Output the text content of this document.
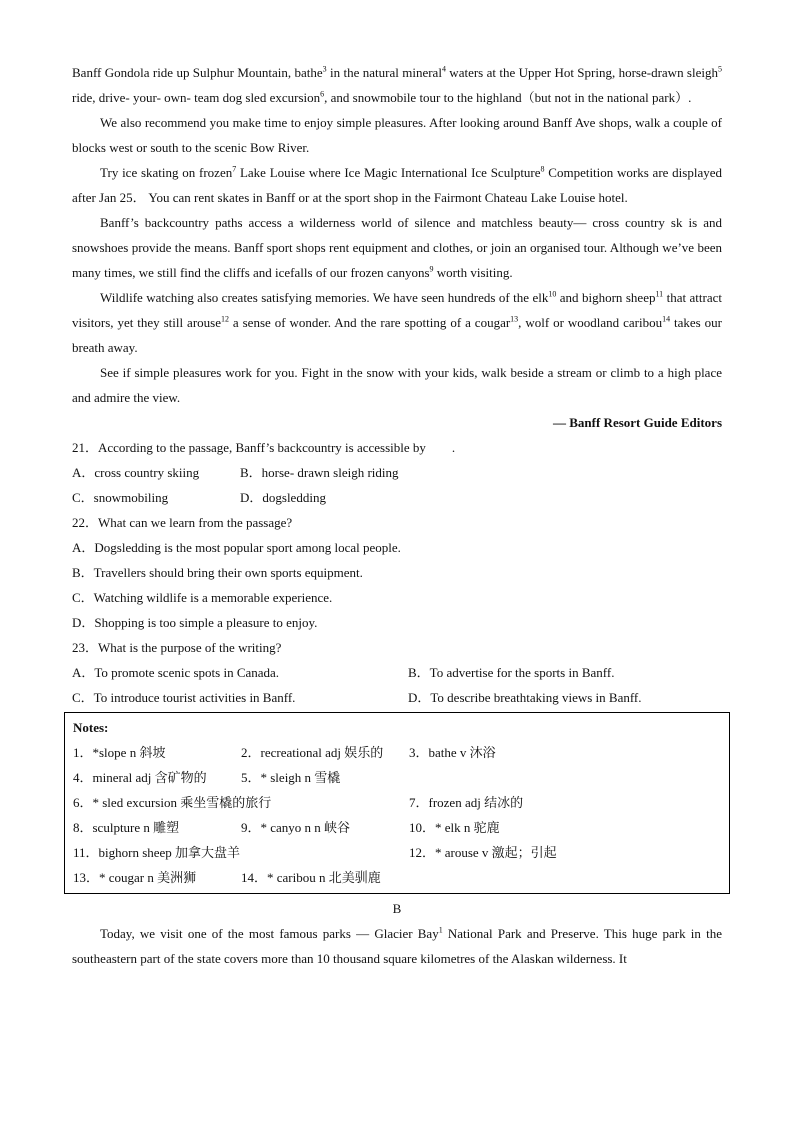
Banff Gondola ride up Sulphur Mountain, bathe$^3$ in the natural mineral$^4$ waters at the Upper Hot Spring, horse-drawn sleigh$^5$ ride, drive- your- own- team dog sled excursion$^6$, and snowmobile tour to the highland（but not in the national park）.

We also recommend you make time to enjoy simple pleasures. After looking around Banff Ave shops, walk a couple of blocks west or south to the scenic Bow River.

Try ice skating on frozen$^7$ Lake Louise where Ice Magic International Ice Sculpture$^8$ Competition works are displayed after Jan 25． You can rent skates in Banff or at the sport shop in the Fairmont Chateau Lake Louise hotel.

Banff’s backcountry paths access a wilderness world of silence and matchless beauty— cross country sk is and snowshoes provide the means. Banff sport shops rent equipment and clothes, or join an organised tour. Although we’ve been many times, we still find the cliffs and icefalls of our frozen canyons$^9$ worth visiting.

Wildlife watching also creates satisfying memories. We have seen hundreds of the elk$^{10}$ and bighorn sheep$^{11}$ that attract visitors, yet they still arouse$^{12}$ a sense of wonder. And the rare spotting of a cougar$^{13}$, wolf or woodland caribou$^{14}$ takes our breath away.

See if simple pleasures work for you. Fight in the snow with your kids, walk beside a stream or climb to a high place and admire the view.

— Banff Resort Guide Editors

21．According to the passage, Banff’s backcountry is accessible by  .

A．cross country skiing	B．horse- drawn sleigh riding
C．snowmobiling	D．dogsledding

22．What can we learn from the passage?

A．Dogsledding is the most popular sport among local people.

B．Travellers should bring their own sports equipment.

C．Watching wildlife is a memorable experience.

D．Shopping is too simple a pleasure to enjoy.

23．What is the purpose of the writing?

A．To promote scenic spots in Canada.	B．To advertise for the sports in Banff.
C．To introduce tourist activities in Banff.	D．To describe breathtaking views in Banff.
Notes:
1．*slope n 斜坡	2．recreational adj 娱乐的	3．bathe v 沐浴
4．mineral adj 含矿物的	5．* sleigh n 雪橇
6．* sled excursion 乘坐雪橇的旅行	7．frozen adj 结冰的
8．sculpture n 雕塑	9．* canyo n n 峡谷	10．* elk n 驼鹿
11．bighorn sheep 加拿大盘羊	12．* arouse v 激起；引起
13．* cougar n 美洲狮	14．* caribou n 北美驯鹿

B

Today, we visit one of the most famous parks — Glacier Bay$^1$ National Park and Preserve. This huge park in the southeastern part of the state covers more than 10 thousand square kilometres of the Alaskan wilderness. It
